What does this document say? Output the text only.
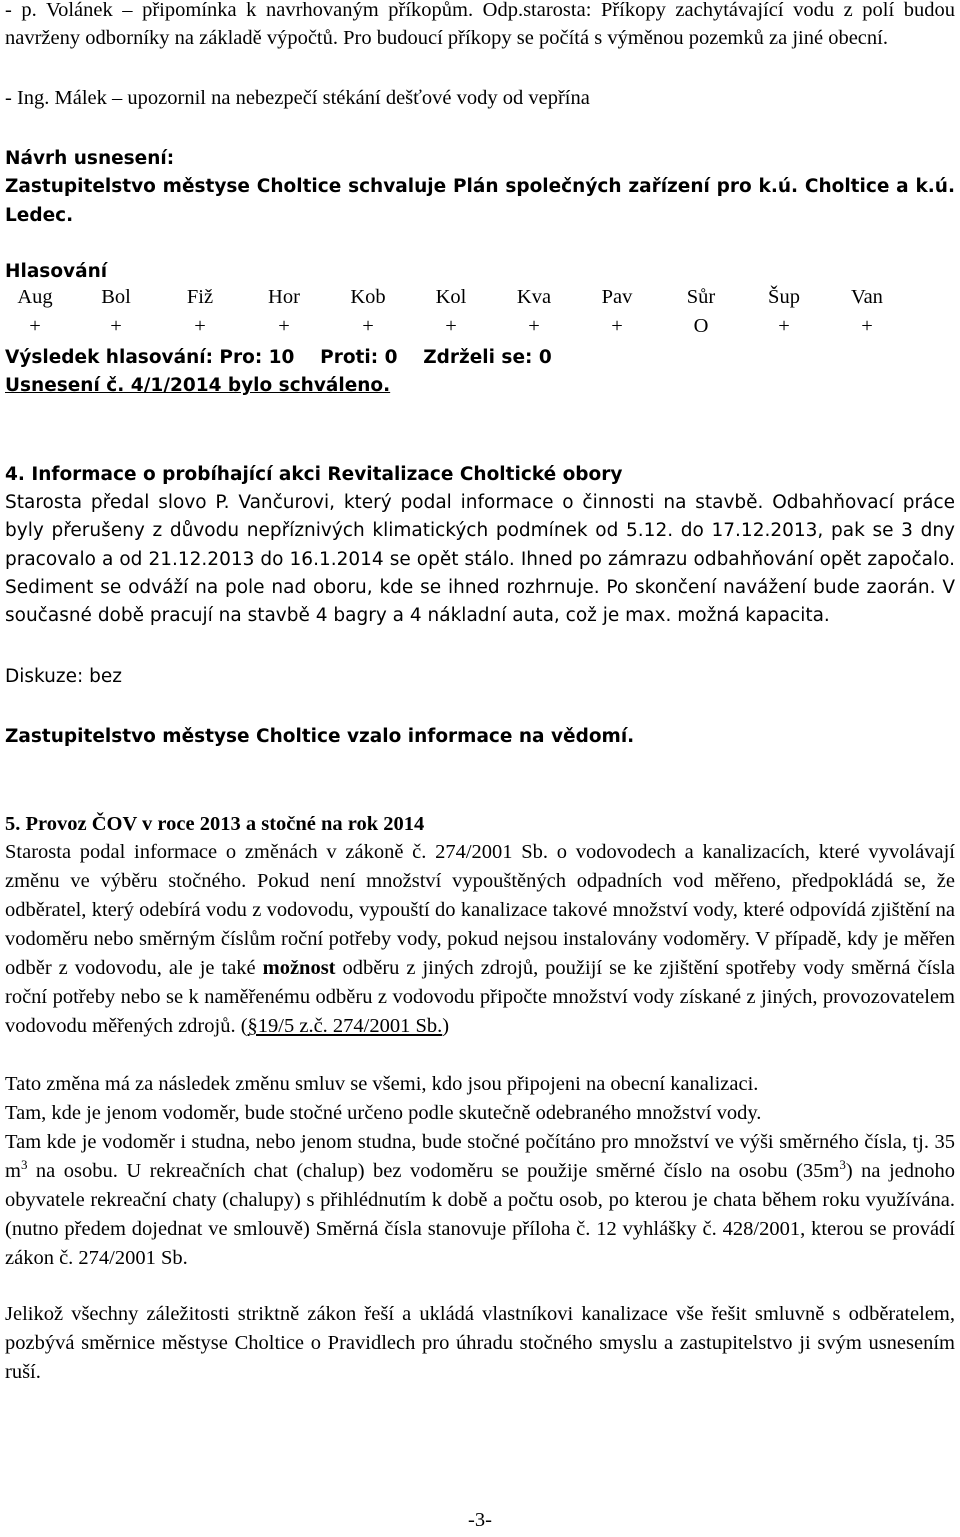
- p. Volánek – připomínka k navrhovaným příkopům. Odp.starosta: Příkopy zachytávající vodu z polí budou navrženy odborníky na základě výpočtů. Pro budoucí příkopy se počítá s výměnou pozemků za jiné obecní.
- Ing. Málek – upozornil na nebezpečí stékání dešťové vody od vepřína
Návrh usnesení:
Zastupitelstvo městyse Choltice schvaluje Plán společných zařízení pro k.ú. Choltice a k.ú. Ledec.
Hlasování
Aug	Bol	Fiž	Hor	Kob	Kol	Kva	Pav	Sůr	Šup	Van
+	+	+	+	+	+	+	+	O	+	+
Výsledek hlasování: Pro: 10    Proti: 0    Zdrželi se: 0
Usnesení č. 4/1/2014 bylo schváleno.
4. Informace o probíhající akci Revitalizace Choltické obory
Starosta předal slovo P. Vančurovi, který podal informace o činnosti na stavbě. Odbahňovací práce byly přerušeny z důvodu nepříznivých klimatických podmínek od 5.12. do 17.12.2013, pak se 3 dny pracovalo a od 21.12.2013 do 16.1.2014 se opět stálo. Ihned po zámrazu odbahňování opět započalo. Sediment se odváží na pole nad oboru, kde se ihned rozhrnuje. Po skončení navážení bude zaorán. V současné době pracují na stavbě 4 bagry a 4 nákladní auta, což je max. možná kapacita.
Diskuze: bez
Zastupitelstvo městyse Choltice vzalo informace na vědomí.
5. Provoz ČOV v roce 2013 a stočné na rok 2014
Starosta podal informace o změnách v zákoně č. 274/2001 Sb. o vodovodech a kanalizacích, které vyvolávají změnu ve výběru stočného. Pokud není množství vypouštěných odpadních vod měřeno, předpokládá se, že odběratel, který odebírá vodu z vodovodu, vypouští do kanalizace takové množství vody, které odpovídá zjištění na vodoměru nebo směrným číslům roční potřeby vody, pokud nejsou instalovány vodoměry. V případě, kdy je měřen odběr z vodovodu, ale je také možnost odběru z jiných zdrojů, použijí se ke zjištění spotřeby vody směrná čísla roční potřeby nebo se k naměřenému odběru z vodovodu připočte množství vody získané z jiných, provozovatelem vodovodu měřených zdrojů. (§19/5 z.č. 274/2001 Sb.)
Tato změna má za následek změnu smluv se všemi, kdo jsou připojeni na obecní kanalizaci.
Tam, kde je jenom vodoměr, bude stočné určeno podle skutečně odebraného množství vody.
Tam kde je vodoměr i studna, nebo jenom studna, bude stočné počítáno pro množství ve výši směrného čísla, tj. 35 $m^3$ na osobu. U rekreačních chat (chalup) bez vodoměru se použije směrné číslo na osobu $(35m^3)$ na jednoho obyvatele rekreační chaty (chalupy) s přihlédnutím k době a počtu osob, po kterou je chata během roku využívána. (nutno předem dojednat ve smlouvě) Směrná čísla stanovuje příloha č. 12 vyhlášky č. 428/2001, kterou se provádí zákon č. 274/2001 Sb.
Jelikož všechny záležitosti striktně zákon řeší a ukládá vlastníkovi kanalizace vše řešit smluvně s odběratelem, pozbývá směrnice městyse Choltice o Pravidlech pro úhradu stočného smyslu a zastupitelstvo ji svým usnesením ruší.
-3-
